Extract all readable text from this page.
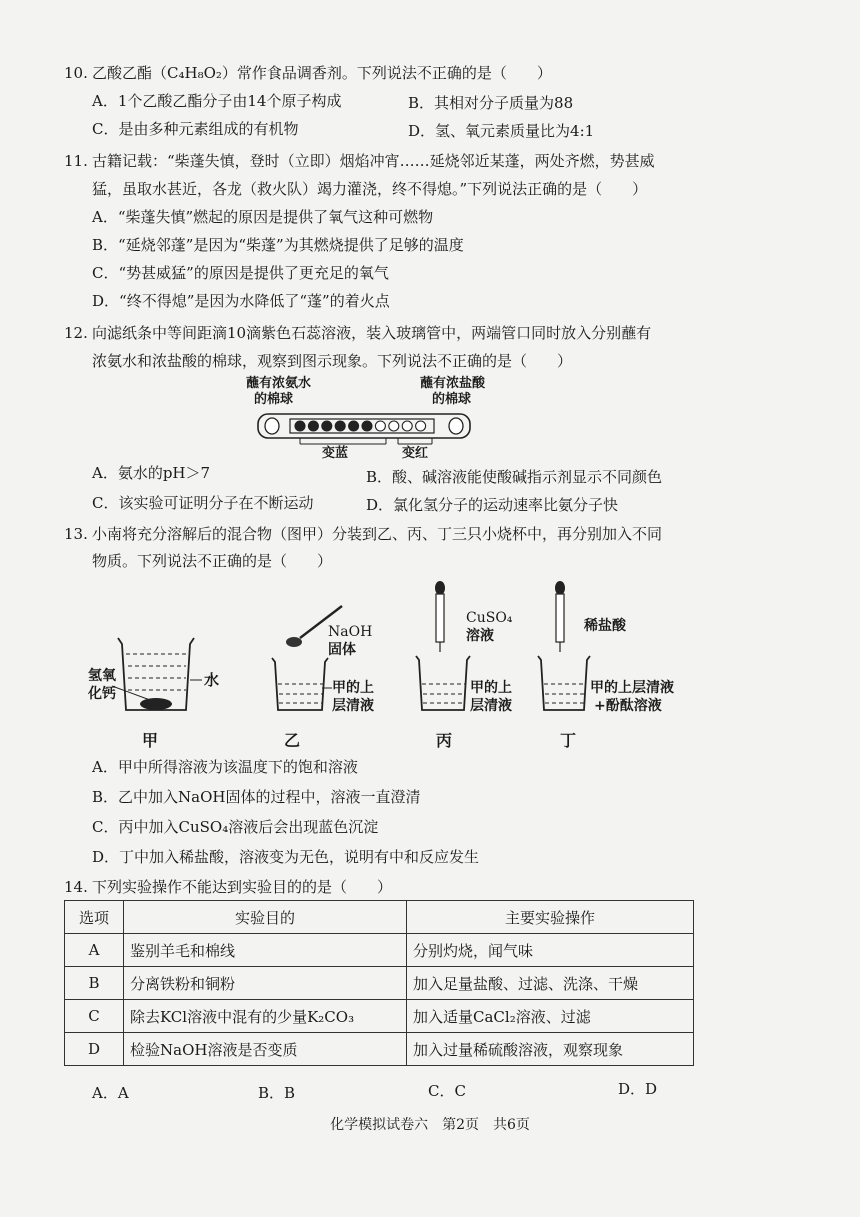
10. 乙酸乙酯（C₄H₈O₂）常作食品调香剂。下列说法不正确的是（　　）
A．1个乙酸乙酯分子由14个原子构成	B．其相对分子质量为88
C．是由多种元素组成的有机物	D．氢、氧元素质量比为4:1
11. 古籍记载：“柴蓬失慎，登时（立即）烟焰冲宵……延烧邻近某蓬，两处齐燃，势甚威
猛，虽取水甚近，各龙（救火队）竭力灌浇，终不得熄。”下列说法正确的是（　　）
A．“柴蓬失慎”燃起的原因是提供了氧气这种可燃物
B．“延烧邻蓬”是因为“柴蓬”为其燃烧提供了足够的温度
C．“势甚威猛”的原因是提供了更充足的氧气
D．“终不得熄”是因为水降低了“蓬”的着火点
12. 向滤纸条中等间距滴10滴紫色石蕊溶液，装入玻璃管中，两端管口同时放入分别蘸有
浓氨水和浓盐酸的棉球，观察到图示现象。下列说法不正确的是（　　）
蘸有浓氨水
的棉球
蘸有浓盐酸
的棉球
变蓝	变红
A．氨水的pH＞7	B．酸、碱溶液能使酸碱指示剂显示不同颜色
C．该实验可证明分子在不断运动	D．氯化氢分子的运动速率比氨分子快
13. 小南将充分溶解后的混合物（图甲）分装到乙、丙、丁三只小烧杯中，再分别加入不同
物质。下列说法不正确的是（　　）
氢氧
化钙
水
NaOH
固体
甲的上
层清液
CuSO₄
溶液
甲的上
层清液
稀盐酸
甲的上层清液
+酚酞溶液
甲	乙	丙	丁
A．甲中所得溶液为该温度下的饱和溶液
B．乙中加入NaOH固体的过程中，溶液一直澄清
C．丙中加入CuSO₄溶液后会出现蓝色沉淀
D．丁中加入稀盐酸，溶液变为无色，说明有中和反应发生
14. 下列实验操作不能达到实验目的的是（　　）
选项	实验目的	主要实验操作
A	鉴别羊毛和棉线	分别灼烧，闻气味
B	分离铁粉和铜粉	加入足量盐酸、过滤、洗涤、干燥
C	除去KCl溶液中混有的少量K₂CO₃	加入适量CaCl₂溶液、过滤
D	检验NaOH溶液是否变质	加入过量稀硫酸溶液，观察现象
A．A	B．B	C．C	D．D
化学模拟试卷六　第2页　共6页
